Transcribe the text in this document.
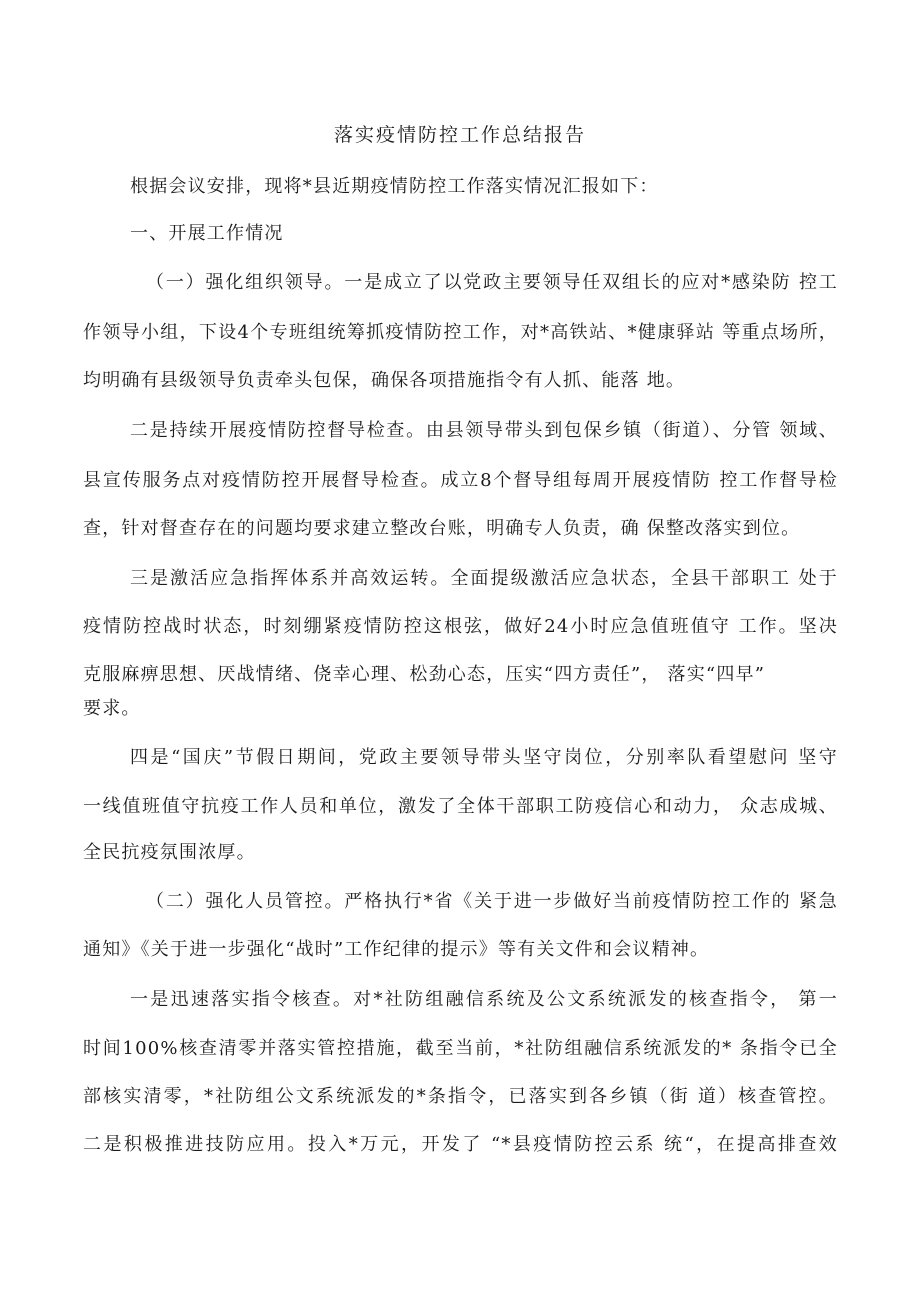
落实疫情防控工作总结报告
根据会议安排，现将*县近期疫情防控工作落实情况汇报如下：
一、开展工作情况
（一）强化组织领导。一是成立了以党政主要领导任双组长的应对*感染防 控工
作领导小组，下设4个专班组统筹抓疫情防控工作，对*高铁站、*健康驿站 等重点场所，
均明确有县级领导负责牵头包保，确保各项措施指令有人抓、能落 地。
二是持续开展疫情防控督导检查。由县领导带头到包保乡镇（街道）、分管 领域、
县宣传服务点对疫情防控开展督导检查。成立8个督导组每周开展疫情防 控工作督导检
查，针对督查存在的问题均要求建立整改台账，明确专人负责，确 保整改落实到位。
三是激活应急指挥体系并高效运转。全面提级激活应急状态，全县干部职工 处于
疫情防控战时状态，时刻绷紧疫情防控这根弦，做好24小时应急值班值守 工作。坚决
克服麻痹思想、厌战情绪、侥幸心理、松劲心态，压实“四方责任”， 落实“四早”
要求。
四是“国庆”节假日期间，党政主要领导带头坚守岗位，分别率队看望慰问 坚守
一线值班值守抗疫工作人员和单位，激发了全体干部职工防疫信心和动力， 众志成城、
全民抗疫氛围浓厚。
（二）强化人员管控。严格执行*省《关于进一步做好当前疫情防控工作的 紧急
通知》《关于进一步强化“战时”工作纪律的提示》等有关文件和会议精神。
一是迅速落实指令核查。对*社防组融信系统及公文系统派发的核查指令， 第一
时间100%核查清零并落实管控措施，截至当前，*社防组融信系统派发的* 条指令已全
部核实清零，*社防组公文系统派发的*条指令，已落实到各乡镇（街 道）核查管控。
二是积极推进技防应用。投入*万元，开发了 “*县疫情防控云系 统“，在提高排查效
